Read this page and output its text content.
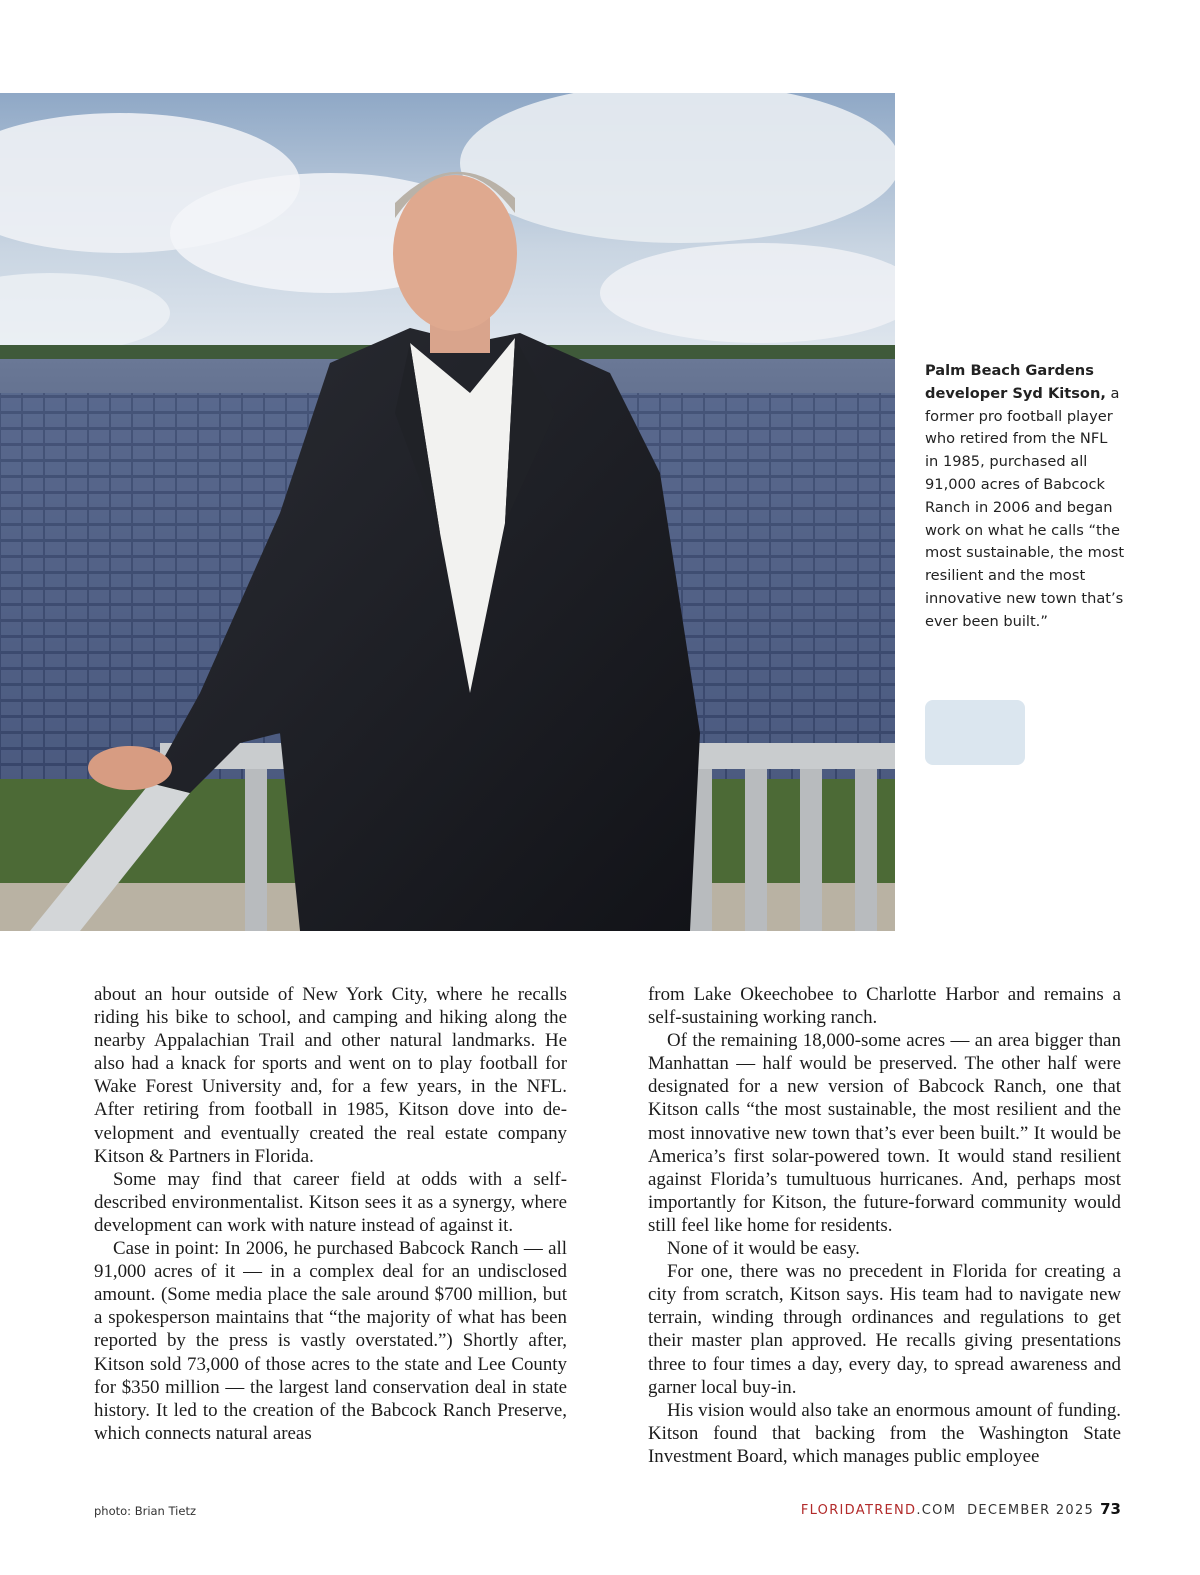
Palm Beach Gardens developer Syd Kitson, a former pro football player who retired from the NFL in 1985, purchased all 91,000 acres of Babcock Ranch in 2006 and began work on what he calls “the most sustainable, the most resilient and the most innovative new town that’s ever been built.”

about an hour outside of New York City, where he recalls riding his bike to school, and camping and hiking along the nearby Appalachian Trail and other natural landmarks. He also had a knack for sports and went on to play football for Wake Forest University and, for a few years, in the NFL. After retiring from football in 1985, Kitson dove into development and eventually created the real estate company Kitson & Partners in Florida.

Some may find that career field at odds with a self-described environmentalist. Kitson sees it as a synergy, where development can work with nature instead of against it.

Case in point: In 2006, he purchased Babcock Ranch — all 91,000 acres of it — in a complex deal for an undisclosed amount. (Some media place the sale around $700 million, but a spokesperson maintains that “the majority of what has been reported by the press is vastly overstated.”) Shortly after, Kitson sold 73,000 of those acres to the state and Lee County for $350 million — the largest land conservation deal in state history. It led to the creation of the Babcock Ranch Preserve, which connects natural areas

from Lake Okeechobee to Charlotte Harbor and remains a self-sustaining working ranch.

Of the remaining 18,000-some acres — an area bigger than Manhattan — half would be preserved. The other half were designated for a new version of Babcock Ranch, one that Kitson calls “the most sustainable, the most resilient and the most innovative new town that’s ever been built.” It would be America’s first solar-powered town. It would stand resilient against Florida’s tumultuous hurricanes. And, perhaps most importantly for Kitson, the future-forward community would still feel like home for residents.

None of it would be easy.

For one, there was no precedent in Florida for creating a city from scratch, Kitson says. His team had to navigate new terrain, winding through ordinances and regulations to get their master plan approved. He recalls giving presentations three to four times a day, every day, to spread awareness and garner local buy-in.

His vision would also take an enormous amount of funding. Kitson found that backing from the Washington State Investment Board, which manages public employee

photo: Brian Tietz	FLORIDATREND.COM DECEMBER 2025 73
